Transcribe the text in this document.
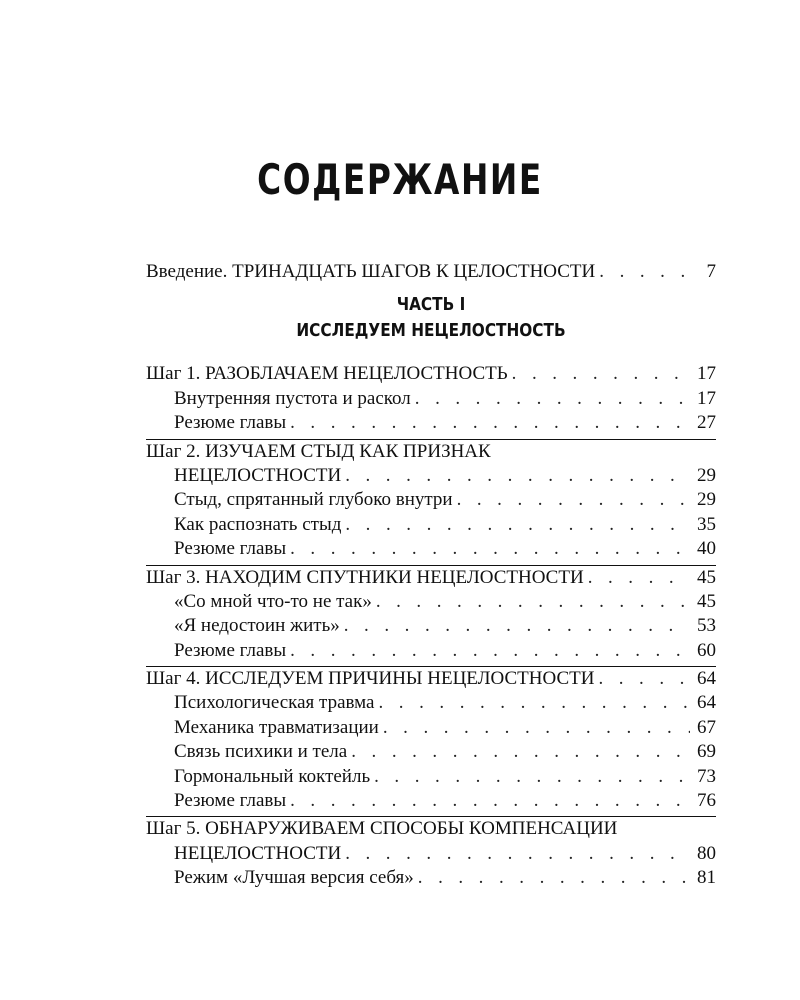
СОДЕРЖАНИЕ
Введение. ТРИНАДЦАТЬ ШАГОВ К ЦЕЛОСТНОСТИ . . .	7
ЧАСТЬ I
ИССЛЕДУЕМ НЕЦЕЛОСТНОСТЬ
Шаг 1. РАЗОБЛАЧАЕМ НЕЦЕЛОСТНОСТЬ . . .	17
Внутренняя пустота и раскол . . .	17
Резюме главы . . .	27
Шаг 2. ИЗУЧАЕМ СТЫД КАК ПРИЗНАК
НЕЦЕЛОСТНОСТИ . . .	29
Стыд, спрятанный глубоко внутри . . .	29
Как распознать стыд . . .	35
Резюме главы . . .	40
Шаг 3. НАХОДИМ СПУТНИКИ НЕЦЕЛОСТНОСТИ . . .	45
«Со мной что-то не так» . . .	45
«Я недостоин жить» . . .	53
Резюме главы . . .	60
Шаг 4. ИССЛЕДУЕМ ПРИЧИНЫ НЕЦЕЛОСТНОСТИ . . .	64
Психологическая травма . . .	64
Механика травматизации . . .	67
Связь психики и тела . . .	69
Гормональный коктейль . . .	73
Резюме главы . . .	76
Шаг 5. ОБНАРУЖИВАЕМ СПОСОБЫ КОМПЕНСАЦИИ
НЕЦЕЛОСТНОСТИ . . .	80
Режим «Лучшая версия себя» . . .	81
